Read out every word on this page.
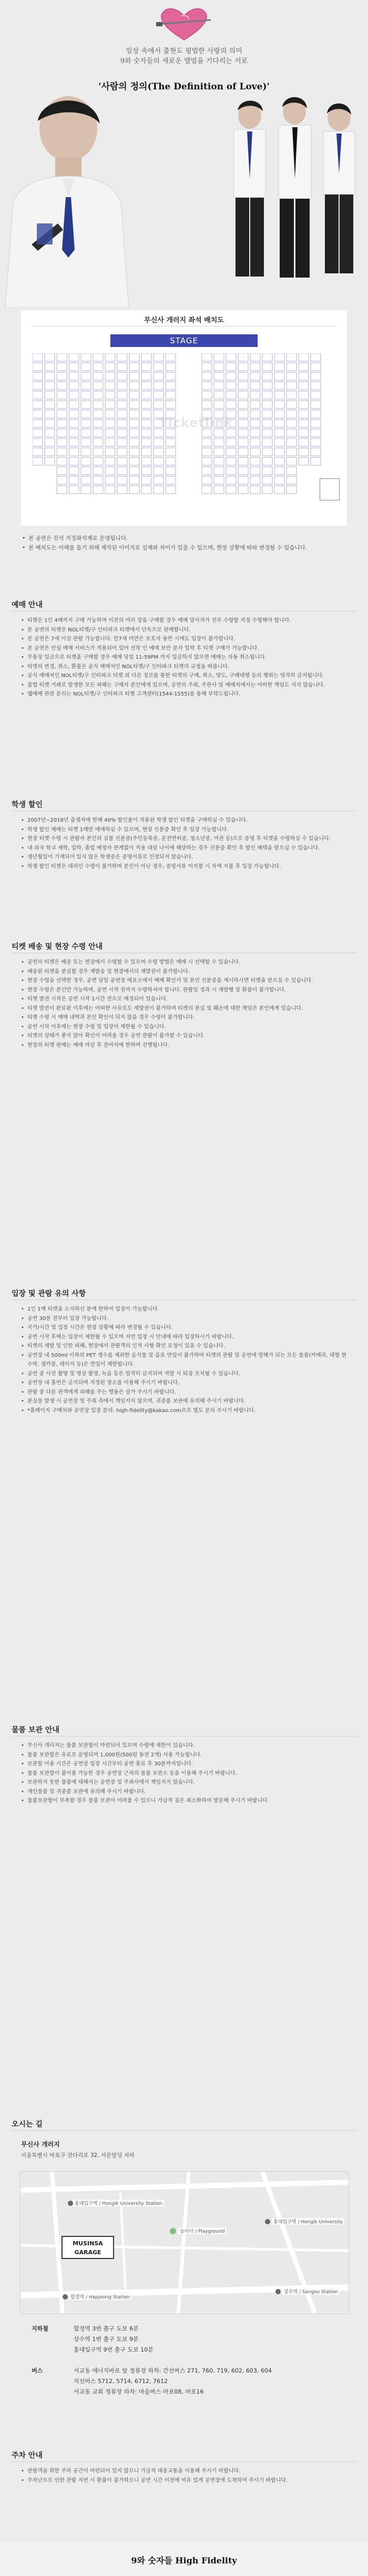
일상 속에서 출현도 평범한 사랑의 의미
9와 숫자들의 새로운 앨범을 기다리는 서로
'사람의 정의(The Definition of Love)'
무신사 개러지 좌석 배치도
STAGE
Ticketlink
• 본 공연은 전석 지정좌석제로 운영됩니다.
• 본 배치도는 이해를 돕기 위해 제작된 이미지로 실제와 차이가 있을 수 있으며, 현장 상황에 따라 변경될 수 있습니다.
예매 안내
• 티켓은 1인 4매까지 구매 가능하며 이전의 여러 장을 구매할 경우 예매 당사자가 전부 수령할 지정 수령해야 합니다.
• 본 공연의 티켓은 NOL티켓/구 인터파크 티켓에서 단독으로 판매합니다.
• 본 공연은 7세 이상 관람 가능합니다. 만7세 미만은 보호자 동반 시에도 입장이 불가합니다.
• 본 공연은 안심 예매 서비스가 적용되어 있어 선착 인 예매 보안 문자 입력 후 티켓 구매가 가능합니다.
• 무통장 입금으로 티켓을 구매할 경우 예매 당일 11:59PM 까지 입금하지 않으면 예매는 자동 취소됩니다.
• 티켓의 변경, 취소, 환불은 공식 예매처인 NOL티켓/구 인터파크 티켓의 규정을 따릅니다.
• 공식 예매처인 NOL티켓/구 인터파크 티켓 외 다른 경로를 통한 티켓의 구매, 취소, 양도, 구매대행 등의 행위는 엄격히 금지됩니다.
• 불법 티켓 거래로 발생한 모든 피해는 구매자 본인에게 있으며, 공연의 주최, 주관사 및 예매처에서는 어떠한 책임도 지지 않습니다.
• 웹예매 관련 문의는 NOL티켓/구 인터파크 티켓 고객센터(1544-1555)를 통해 부탁드립니다.
학생 할인
• 2007년~2018년 출생자에 한해 40% 할인율이 적용된 학생 할인 티켓을 구매하실 수 있습니다.
• 학생 할인 예매는 티켓 1매만 예매하실 수 있으며, 현장 신분증 확인 후 입장 가능합니다.
• 현장 티켓 수령 시 관람자 본인의 실물 신분증(주민등록증, 운전면허증, 청소년증, 여권 등)으로 증명 후 티켓을 수령하실 수 있습니다.
• 내 외국 학교 재학, 입학, 졸업 예정자 관계없이 적용 대상 나이에 해당하는 경우 신분증 확인 후 할인 혜택을 받으실 수 있습니다.
• 생년월일이 기재되어 있지 않은 학생증은 증명서류로 인정되지 않습니다.
• 학생 할인 티켓은 대리인 수령이 불가하며 본인이 아닌 경우, 증빙서류 미지참 시 차액 지불 후 입장 가능합니다.
티켓 배송 및 현장 수령 안내
• 공연의 티켓은 배송 또는 현장에서 수령할 수 있으며 수령 방법은 예매 시 선택할 수 있습니다.
• 배송된 티켓을 분실할 경우 재발송 및 현장에서의 재발권이 불가합니다.
• 현장 수령을 선택한 경우, 공연 당일 공연장 매표소에서 예매 확인서 및 본인 신분증을 제시하시면 티켓을 받으실 수 있습니다.
• 현장 수령은 본인만 가능하며, 공연 시작 전까지 수령하셔야 합니다. 관람일 경과 시 재발행 및 환불이 불가합니다.
• 티켓 발권 시작은 공연 시작 1시간 전으로 예정되어 있습니다.
• 티켓 발권이 완료된 이후에는 어떠한 사유로도 재발권이 불가하며 티켓의 분실 및 훼손에 대한 책임은 본인에게 있습니다.
• 티켓 수령 시 예매 내역과 본인 확인이 되지 않을 경우 수령이 불가합니다.
• 공연 시작 이후에는 현장 수령 및 입장이 제한될 수 있습니다.
• 티켓의 상태가 좋지 않아 확인이 어려울 경우 공연 관람이 불가할 수 있습니다.
• 현장의 티켓 판매는 예매 마감 후 잔여석에 한하여 진행됩니다.
입장 및 관람 유의 사항
• 1인 1매 티켓을 소지하신 분에 한하여 입장이 가능합니다.
• 공연 30분 전부터 입장 가능합니다.
• 국가/시간 및 입장 시간은 현장 상황에 따라 변경될 수 있습니다.
• 공연 시작 후에는 입장이 제한될 수 있으며 지연 입장 시 안내에 따라 입장하시기 바랍니다.
• 티켓의 재발 및 인한 피해, 현장에서 관람객의 인적 사항 확인 요청이 있을 수 있습니다.
• 공연장 내 500ml 이하의 PET 생수를 제외한 음식물 및 음료 반입이 불가하며 티켓의 관람 및 공연에 방해가 되는 모든 물품(카메라, 대형 현수막, 셀카봉, 레이저 등)은 반입이 제한됩니다.
• 공연 중 사진 촬영 및 영상 촬영, 녹음 등은 엄격히 금지되며 적발 시 퇴장 조치될 수 있습니다.
• 공연장 내 흡연은 금지되며 지정된 장소를 이용해 주시기 바랍니다.
• 관람 중 다른 관객에게 피해를 주는 행동은 삼가 주시기 바랍니다.
• 분실물 발생 시 공연장 및 주최 측에서 책임지지 않으며, 귀중품 보관에 유의해 주시기 바랍니다.
• *홀페이지 구매처와 공연장 입장 문의: high-fidelity@kakao.com으로 별도 문의 주시기 바랍니다.
물품 보관 안내
• 무신사 개러지는 물품 보관함이 마련되어 있으며 수량에 제한이 있습니다.
• 물품 보관함은 유료로 운영되며 1,000원(500원 동전 2개) 사용 가능합니다.
• 보관함 이용 시간은 공연장 입장 시간부터 공연 종료 후 30분까지입니다.
• 물품 보관함이 불이용 가능한 경우 공연장 근처의 물품 보관소 등을 이용해 주시기 바랍니다.
• 보관하지 못한 물품에 대해서는 공연장 및 주최사에서 책임지지 않습니다.
• 개인물품 및 귀중품 보관에 유의해 주시기 바랍니다.
• 물품보관함이 부족할 경우 물품 보관이 어려울 수 있으니 가급적 짐은 최소화하여 방문해 주시기 바랍니다.
오시는 길
무신사 개러지
서울특별시 마포구 잔다리로 32, 서문빌딩 지하
홍대입구역 / Hongik University Station
홍대입구역 / Hongik University
놀이터 / Playground
합정역 / Hapjeong Station
상수역 / Sangsu Station
MUSINSA GARAGE
지하철	합정역 3번 출구 도보 6분
상수역 1번 출구 도보 9분
홍대입구역 9번 출구 도보 10분
버스	서교동 에너지바로 앞 정류장 하차: 간선버스 271, 760, 719, 602, 603, 604
지선버스 5712, 5714, 6712, 7612
서교동 교회 정류장 하차: 마을버스 마포08, 마포16
주차 안내
• 관람객을 위한 주차 공간이 마련되어 있지 않으니 가급적 대중교통을 이용해 주시기 바랍니다.
• 주차난으로 인한 관람 지연 시 환불이 불가하오니 공연 시간 이전에 여유 있게 공연장에 도착하여 주시기 바랍니다.
9와 숫자들 High Fidelity
